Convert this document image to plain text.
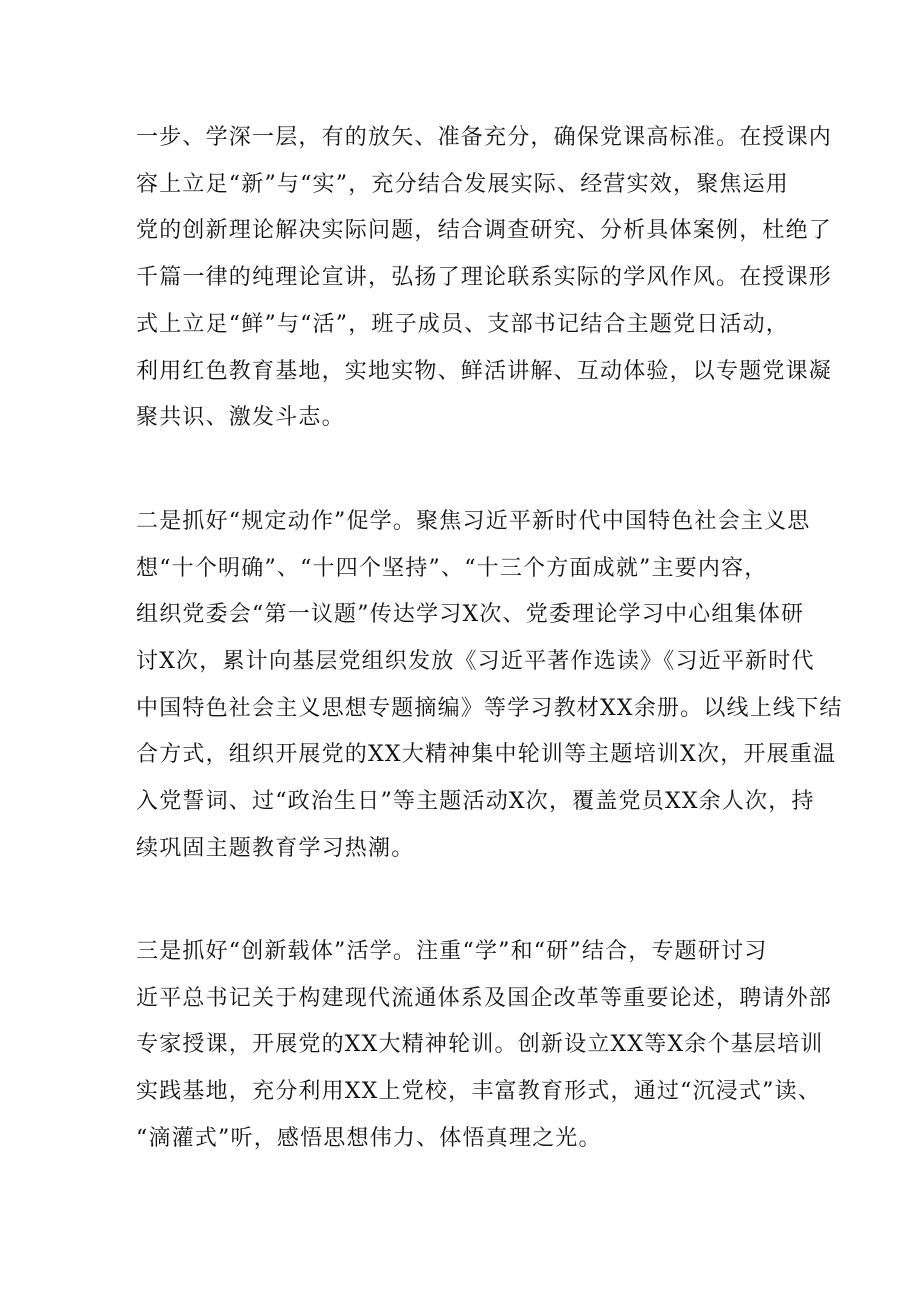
一步、学深一层，有的放矢、准备充分，确保党课高标准。在授课内
容上立足“新”与“实”，充分结合发展实际、经营实效，聚焦运用
党的创新理论解决实际问题，结合调查研究、分析具体案例，杜绝了
千篇一律的纯理论宣讲，弘扬了理论联系实际的学风作风。在授课形
式上立足“鲜”与“活”，班子成员、支部书记结合主题党日活动，
利用红色教育基地，实地实物、鲜活讲解、互动体验，以专题党课凝
聚共识、激发斗志。
二是抓好“规定动作”促学。聚焦习近平新时代中国特色社会主义思
想“十个明确”、“十四个坚持”、“十三个方面成就”主要内容，
组织党委会“第一议题”传达学习X次、党委理论学习中心组集体研
讨X次，累计向基层党组织发放《习近平著作选读》《习近平新时代
中国特色社会主义思想专题摘编》等学习教材XX余册。以线上线下结
合方式，组织开展党的XX大精神集中轮训等主题培训X次，开展重温
入党誓词、过“政治生日”等主题活动X次，覆盖党员XX余人次，持
续巩固主题教育学习热潮。
三是抓好“创新载体”活学。注重“学”和“研”结合，专题研讨习
近平总书记关于构建现代流通体系及国企改革等重要论述，聘请外部
专家授课，开展党的XX大精神轮训。创新设立XX等X余个基层培训
实践基地，充分利用XX上党校，丰富教育形式，通过“沉浸式”读、
“滴灌式”听，感悟思想伟力、体悟真理之光。
